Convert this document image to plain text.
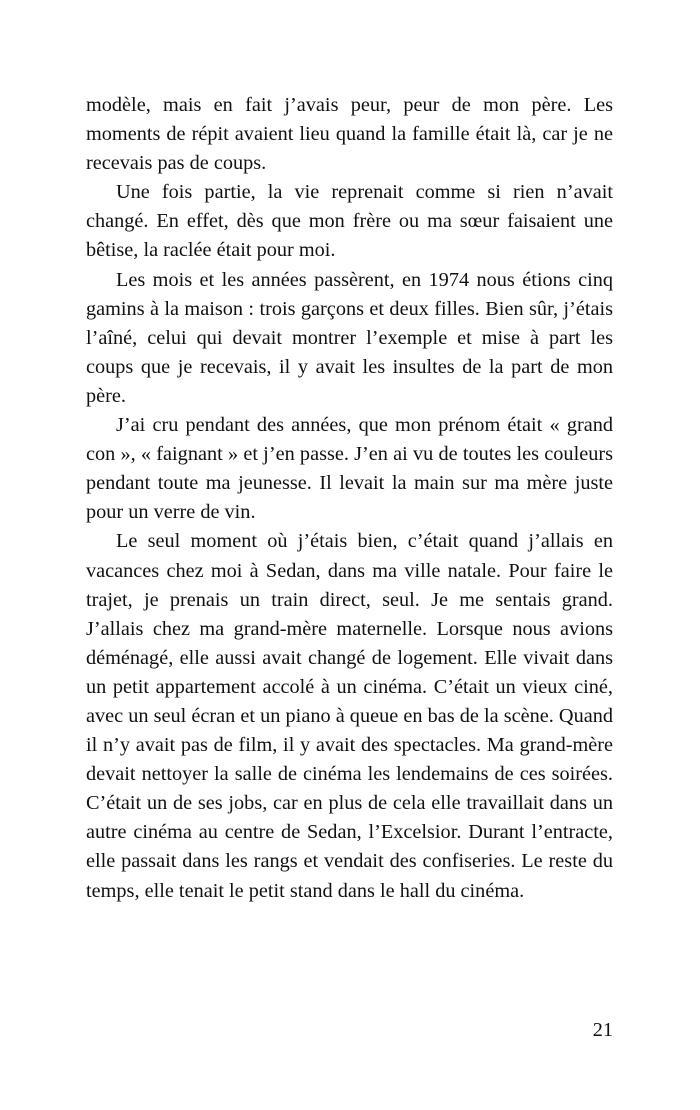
modèle, mais en fait j’avais peur, peur de mon père. Les moments de répit avaient lieu quand la famille était là, car je ne recevais pas de coups.

Une fois partie, la vie reprenait comme si rien n’avait changé. En effet, dès que mon frère ou ma sœur faisaient une bêtise, la raclée était pour moi.

Les mois et les années passèrent, en 1974 nous étions cinq gamins à la maison : trois garçons et deux filles. Bien sûr, j’étais l’aîné, celui qui devait montrer l’exemple et mise à part les coups que je recevais, il y avait les insultes de la part de mon père.

J’ai cru pendant des années, que mon prénom était « grand con », « faignant » et j’en passe. J’en ai vu de toutes les couleurs pendant toute ma jeunesse. Il levait la main sur ma mère juste pour un verre de vin.

Le seul moment où j’étais bien, c’était quand j’allais en vacances chez moi à Sedan, dans ma ville natale. Pour faire le trajet, je prenais un train direct, seul. Je me sentais grand. J’allais chez ma grand-mère maternelle. Lorsque nous avions déménagé, elle aussi avait changé de logement. Elle vivait dans un petit appartement accolé à un cinéma. C’était un vieux ciné, avec un seul écran et un piano à queue en bas de la scène. Quand il n’y avait pas de film, il y avait des spectacles. Ma grand-mère devait nettoyer la salle de cinéma les lendemains de ces soirées. C’était un de ses jobs, car en plus de cela elle travaillait dans un autre cinéma au centre de Sedan, l’Excelsior. Durant l’entracte, elle passait dans les rangs et vendait des confiseries. Le reste du temps, elle tenait le petit stand dans le hall du cinéma.

21
